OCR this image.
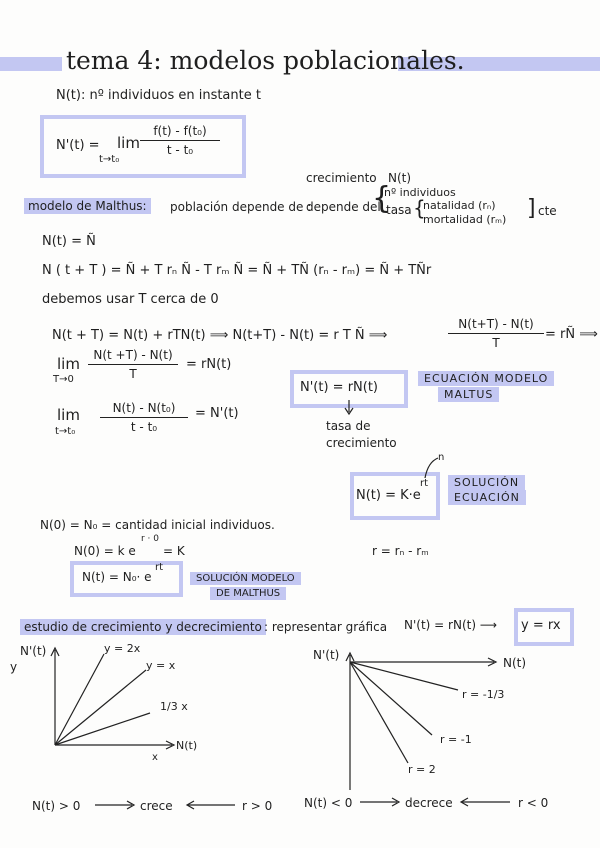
tema 4: modelos poblacionales.
N(t): nº individuos en instante t
N'(t) = lim
t→t₀
f(t) - f(t₀)
t - t₀
crecimiento N(t)
modelo de Malthus:	población depende de :
depende del
{
nº individuos
tasa {
natalidad (rₙ)
mortalidad (rₘ) ] cte
N(t) = Ñ
N ( t + T ) = Ñ + T rₙ Ñ - T rₘ Ñ = Ñ + TÑ (rₙ - rₘ) = Ñ + TÑr
debemos usar T cerca de 0
N(t + T) = N(t) + rTN(t) ⟹ N(t+T) - N(t) = r T Ñ ⟹
N(t+T) - N(t)
T
= rÑ ⟹
lim
T→0
N(t +T) - N(t)
T
= rN(t)
N'(t) = rN(t)
ECUACIÓN MODELO
MALTUS
lim
t→t₀
N(t) - N(t₀)
t - t₀
= N'(t)
tasa de
crecimiento
N(t) = K·e
rt
n
SOLUCIÓN
ECUACIÓN
N(0) = N₀ = cantidad inicial individuos.
N(0) = k e
r · 0
= K	r = rₙ - rₘ
N(t) = N₀· e
rt
SOLUCIÓN MODELO
DE MALTHUS
estudio de crecimiento y decrecimiento : representar gráfica N'(t) = rN(t) ⟶ y = rx
N'(t)
y
N(t)
x
y = 2x
y = x
1/3 x
N'(t)
N(t)
r = -1/3
r = -1
r = 2
N(t) > 0	crece	r > 0	N(t) < 0	decrece	r < 0
